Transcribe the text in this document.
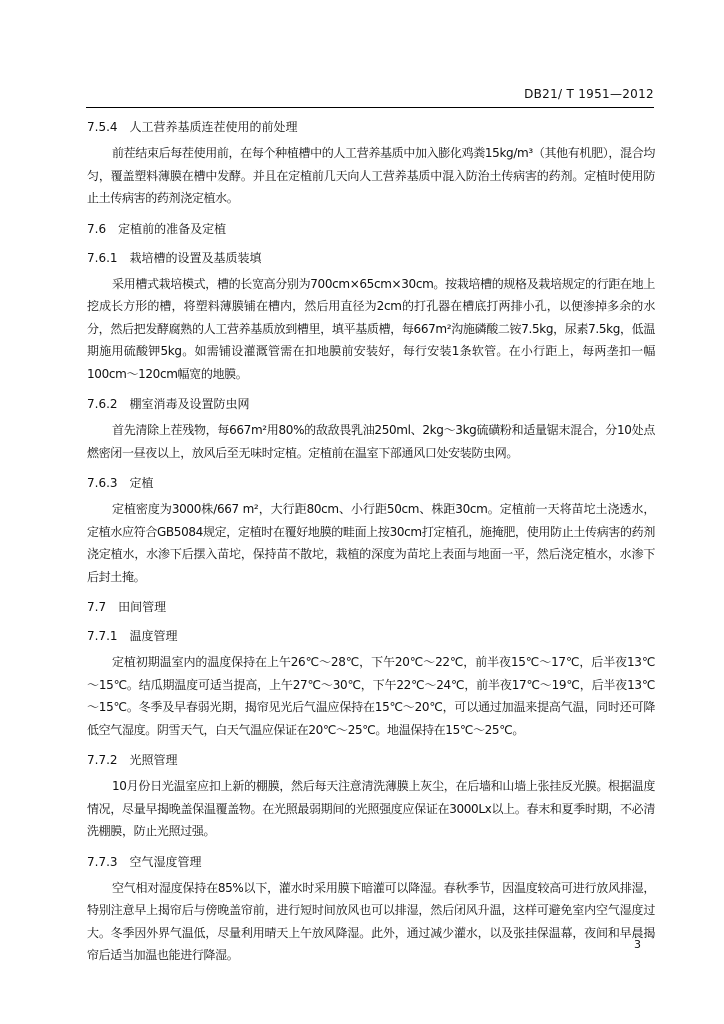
DB21/ T 1951—2012
7.5.4 人工营养基质连茬使用的前处理

前茬结束后每茬使用前，在每个种植槽中的人工营养基质中加入膨化鸡粪15kg/m³（其他有机肥），混合均匀，覆盖塑料薄膜在槽中发酵。并且在定植前几天向人工营养基质中混入防治土传病害的药剂。定植时使用防止土传病害的药剂浇定植水。

7.6 定植前的准备及定植
7.6.1 栽培槽的设置及基质装填

采用槽式栽培模式，槽的长宽高分别为700cm×65cm×30cm。按栽培槽的规格及栽培规定的行距在地上挖成长方形的槽，将塑料薄膜铺在槽内，然后用直径为2cm的打孔器在槽底打两排小孔，以便渗掉多余的水分，然后把发酵腐熟的人工营养基质放到槽里，填平基质槽，每667m²沟施磷酸二铵7.5kg，尿素7.5kg，低温期施用硫酸钾5kg。如需铺设灌溉管需在扣地膜前安装好，每行安装1条软管。在小行距上，每两垄扣一幅100cm～120cm幅宽的地膜。

7.6.2 棚室消毒及设置防虫网

首先清除上茬残物，每667m²用80%的敌敌畏乳油250ml、2kg～3kg硫磺粉和适量锯末混合，分10处点燃密闭一昼夜以上，放风后至无味时定植。定植前在温室下部通风口处安装防虫网。

7.6.3 定植

定植密度为3000株/667 m²，大行距80cm、小行距50cm、株距30cm。定植前一天将苗坨土浇透水，定植水应符合GB5084规定，定植时在覆好地膜的畦面上按30cm打定植孔，施掩肥，使用防止土传病害的药剂浇定植水，水渗下后摆入苗坨，保持苗不散坨，栽植的深度为苗坨上表面与地面一平，然后浇定植水，水渗下后封土掩。

7.7 田间管理
7.7.1 温度管理

定植初期温室内的温度保持在上午26℃～28℃，下午20℃～22℃，前半夜15℃～17℃，后半夜13℃～15℃。结瓜期温度可适当提高，上午27℃～30℃，下午22℃～24℃，前半夜17℃～19℃，后半夜13℃～15℃。冬季及早春弱光期，揭帘见光后气温应保持在15℃～20℃，可以通过加温来提高气温，同时还可降低空气湿度。阴雪天气，白天气温应保证在20℃～25℃。地温保持在15℃～25℃。

7.7.2 光照管理

10月份日光温室应扣上新的棚膜，然后每天注意清洗薄膜上灰尘，在后墙和山墙上张挂反光膜。根据温度情况，尽量早揭晚盖保温覆盖物。在光照最弱期间的光照强度应保证在3000Lx以上。春末和夏季时期，不必清洗棚膜，防止光照过强。

7.7.3 空气湿度管理

空气相对湿度保持在85%以下，灌水时采用膜下暗灌可以降湿。春秋季节，因温度较高可进行放风排湿，特别注意早上揭帘后与傍晚盖帘前，进行短时间放风也可以排湿，然后闭风升温，这样可避免室内空气湿度过大。冬季因外界气温低，尽量利用晴天上午放风降湿。此外，通过减少灌水，以及张挂保温幕，夜间和早晨揭帘后适当加温也能进行降湿。

3
